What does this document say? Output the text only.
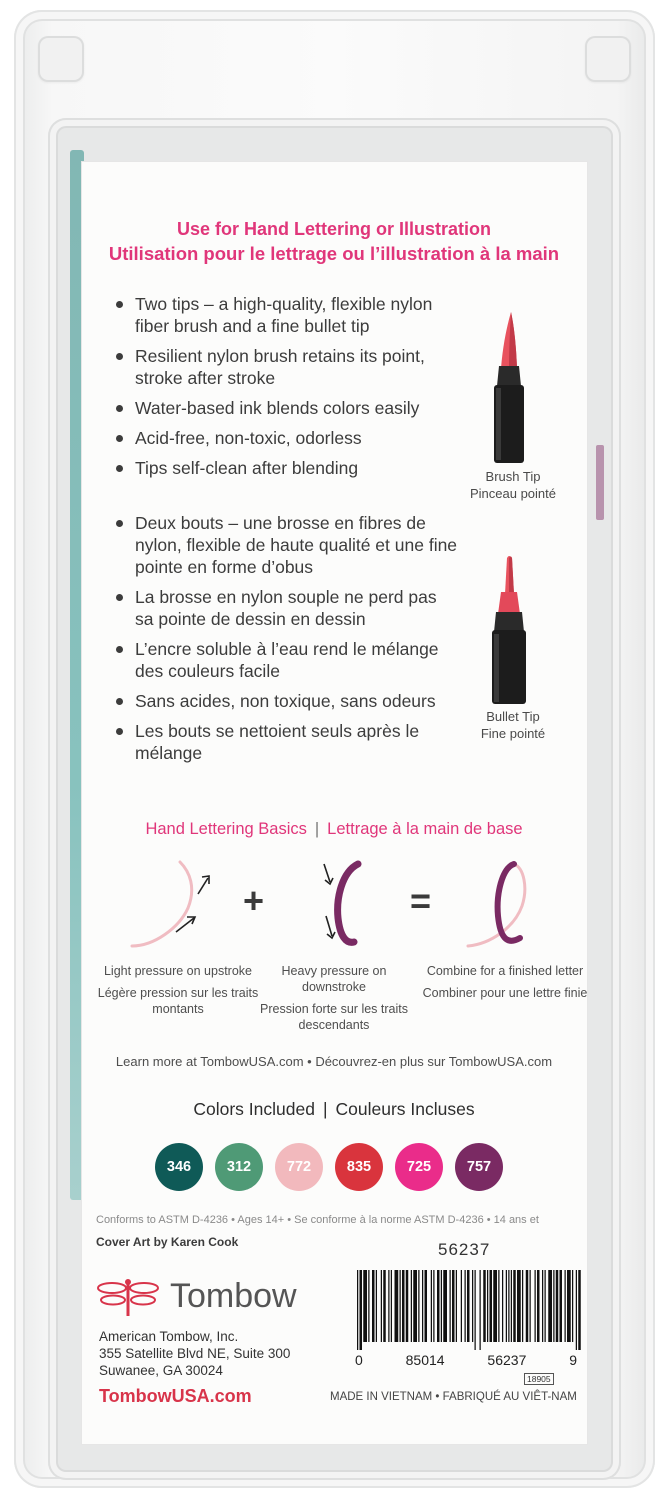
Use for Hand Lettering or Illustration
Utilisation pour le lettrage ou l’illustration à la main
Two tips – a high-quality, flexible nylon fiber brush and a fine bullet tip
Resilient nylon brush retains its point, stroke after stroke
Water-based ink blends colors easily
Acid-free, non-toxic, odorless
Tips self-clean after blending
Deux bouts – une brosse en fibres de nylon, flexible de haute qualité et une fine pointe en forme d’obus
La brosse en nylon souple ne perd pas sa pointe de dessin en dessin
L’encre soluble à l’eau rend le mélange des couleurs facile
Sans acides, non toxique, sans odeurs
Les bouts se nettoient seuls après le mélange
Brush Tip
Pinceau pointé
Bullet Tip
Fine pointé
Hand Lettering Basics | Lettrage à la main de base
+	=
Light pressure on upstroke
Légère pression sur les traits montants
Heavy pressure on downstroke
Pression forte sur les traits descendants
Combine for a finished letter
Combiner pour une lettre finie
Learn more at TombowUSA.com • Découvrez-en plus sur TombowUSA.com
Colors Included | Couleurs Incluses
346	312	772	835	725	757
Conforms to ASTM D-4236 • Ages 14+ • Se conforme à la norme ASTM D-4236 • 14 ans et
Cover Art by Karen Cook	56237
Tombow
American Tombow, Inc.
355 Satellite Blvd NE, Suite 300
Suwanee, GA 30024
TombowUSA.com
0	85014	56237	9
18905
MADE IN VIETNAM • FABRIQUÉ AU VIÊT-NAM
